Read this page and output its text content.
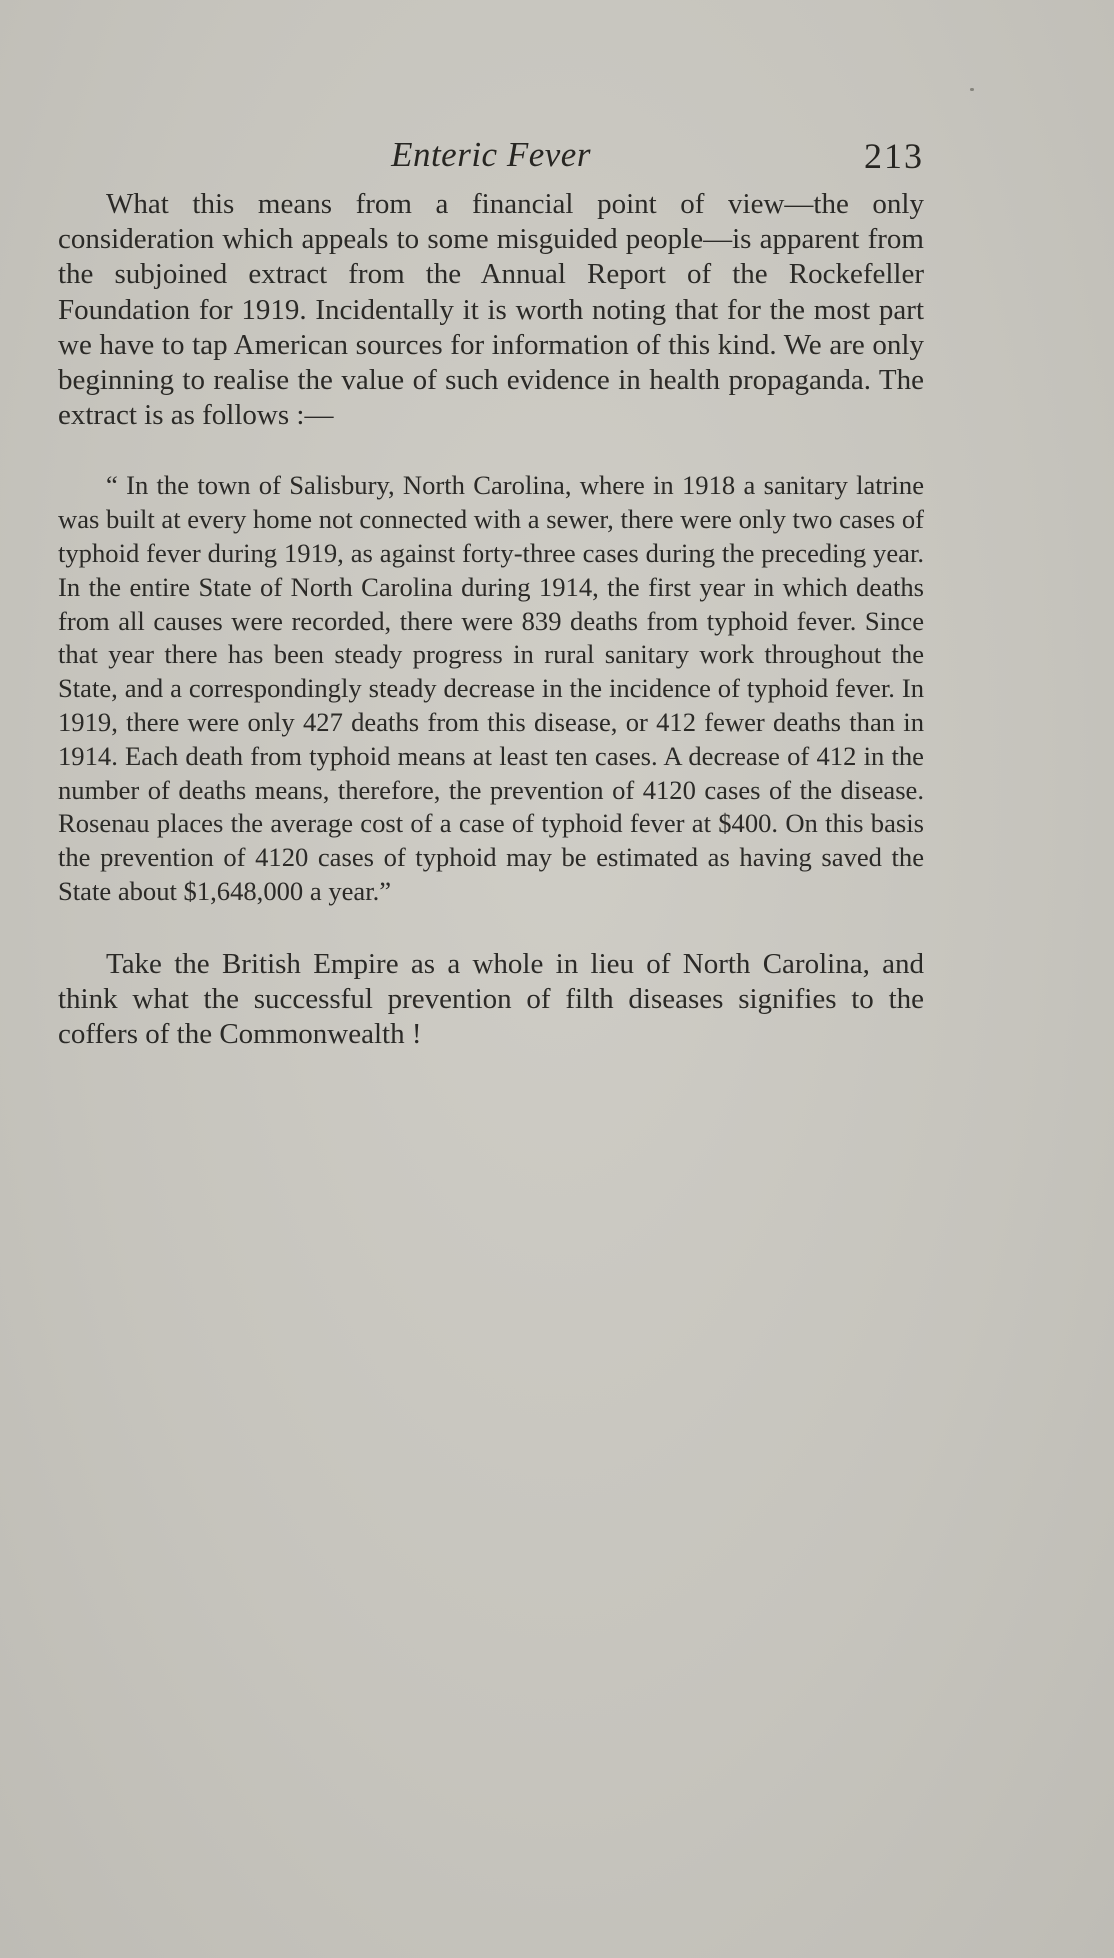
Enteric Fever	213

What this means from a financial point of view—the only consideration which appeals to some misguided people—is apparent from the subjoined extract from the Annual Report of the Rockefeller Foundation for 1919. Incidentally it is worth noting that for the most part we have to tap American sources for information of this kind. We are only beginning to realise the value of such evidence in health propaganda. The extract is as follows :—

“ In the town of Salisbury, North Carolina, where in 1918 a sanitary latrine was built at every home not connected with a sewer, there were only two cases of typhoid fever during 1919, as against forty-three cases during the preceding year. In the entire State of North Carolina during 1914, the first year in which deaths from all causes were recorded, there were 839 deaths from typhoid fever. Since that year there has been steady progress in rural sanitary work throughout the State, and a correspondingly steady decrease in the incidence of typhoid fever. In 1919, there were only 427 deaths from this disease, or 412 fewer deaths than in 1914. Each death from typhoid means at least ten cases. A decrease of 412 in the number of deaths means, therefore, the prevention of 4120 cases of the disease. Rosenau places the average cost of a case of typhoid fever at $400. On this basis the prevention of 4120 cases of typhoid may be estimated as having saved the State about $1,648,000 a year.”

Take the British Empire as a whole in lieu of North Carolina, and think what the successful prevention of filth diseases signifies to the coffers of the Commonwealth !
